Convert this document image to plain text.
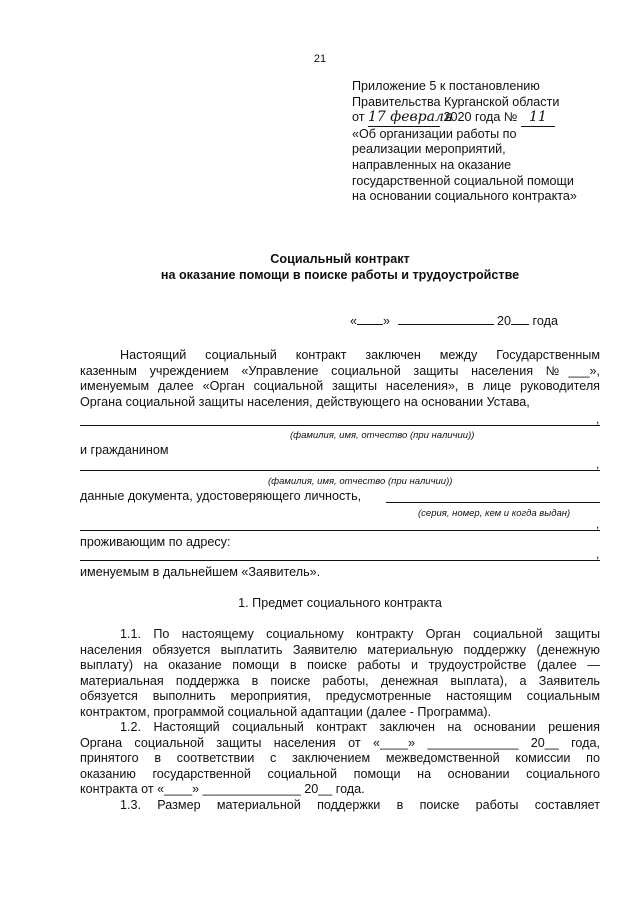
21
Приложение 5 к постановлению
Правительства Курганской области
от 17 февраля 2020 года № 11
«Об организации работы по
реализации мероприятий,
направленных на оказание
государственной социальной помощи
на основании социального контракта»
Социальный контракт
на оказание помощи в поиске работы и трудоустройстве
« »	20 года
Настоящий социальный контракт заключен между Государственным
казенным учреждением «Управление социальной защиты населения №___»,
именуемым далее «Орган социальной защиты населения», в лице руководителя
Органа социальной защиты населения, действующего на основании Устава,
,
(фамилия, имя, отчество (при наличии))
и гражданином
,
(фамилия, имя, отчество (при наличии))
данные документа, удостоверяющего личность,
(серия, номер, кем и когда выдан)
,
проживающим по адресу:
,
именуемым в дальнейшем «Заявитель».
1. Предмет социального контракта
1.1. По настоящему социальному контракту Орган социальной защиты
населения обязуется выплатить Заявителю материальную поддержку (денежную
выплату) на оказание помощи в поиске работы и трудоустройстве (далее —
материальная поддержка в поиске работы, денежная выплата), а Заявитель
обязуется выполнить мероприятия, предусмотренные настоящим социальным
контрактом, программой социальной адаптации (далее - Программа).
1.2. Настоящий социальный контракт заключен на основании решения
Органа социальной защиты населения от «____» _____________ 20__ года,
принятого в соответствии с заключением межведомственной комиссии по
оказанию государственной социальной помощи на основании социального
контракта от «____» ______________ 20__ года.
1.3. Размер материальной поддержки в поиске работы составляет
